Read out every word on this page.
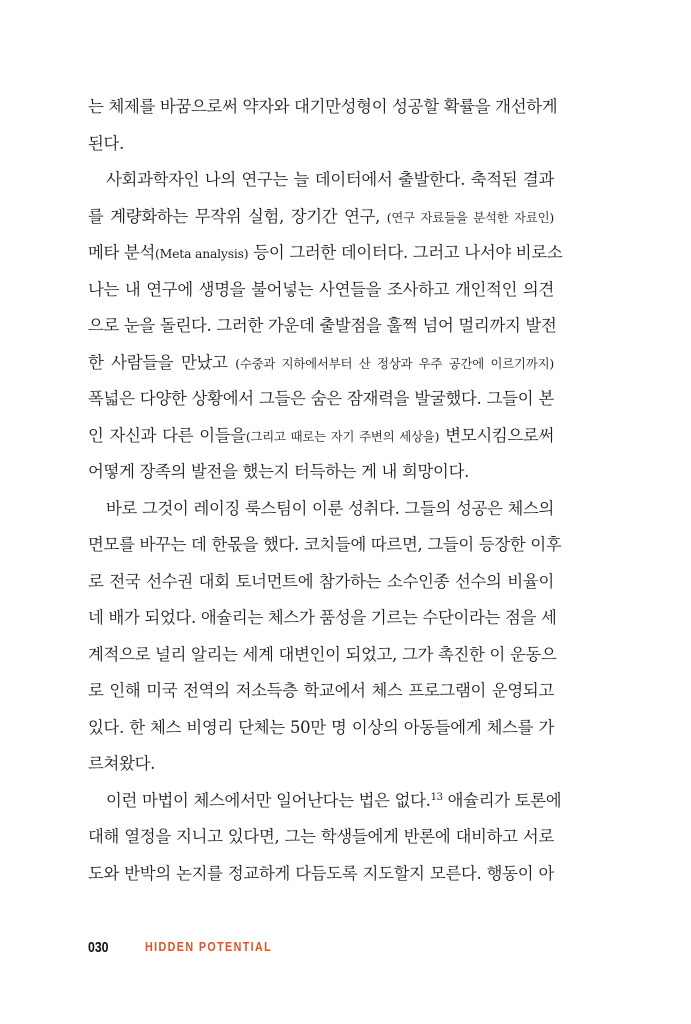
는 체제를 바꿈으로써 약자와 대기만성형이 성공할 확률을 개선하게
된다.
사회과학자인 나의 연구는 늘 데이터에서 출발한다. 축적된 결과
를 계량화하는 무작위 실험, 장기간 연구, (연구 자료들을 분석한 자료인)
메타 분석(Meta analysis) 등이 그러한 데이터다. 그러고 나서야 비로소
나는 내 연구에 생명을 불어넣는 사연들을 조사하고 개인적인 의견
으로 눈을 돌린다. 그러한 가운데 출발점을 훌쩍 넘어 멀리까지 발전
한 사람들을 만났고 (수중과 지하에서부터 산 정상과 우주 공간에 이르기까지)
폭넓은 다양한 상황에서 그들은 숨은 잠재력을 발굴했다. 그들이 본
인 자신과 다른 이들을(그리고 때로는 자기 주변의 세상을) 변모시킴으로써
어떻게 장족의 발전을 했는지 터득하는 게 내 희망이다.
바로 그것이 레이징 룩스팀이 이룬 성취다. 그들의 성공은 체스의
면모를 바꾸는 데 한몫을 했다. 코치들에 따르면, 그들이 등장한 이후
로 전국 선수권 대회 토너먼트에 참가하는 소수인종 선수의 비율이
네 배가 되었다. 애슐리는 체스가 품성을 기르는 수단이라는 점을 세
계적으로 널리 알리는 세계 대변인이 되었고, 그가 촉진한 이 운동으
로 인해 미국 전역의 저소득층 학교에서 체스 프로그램이 운영되고
있다. 한 체스 비영리 단체는 50만 명 이상의 아동들에게 체스를 가
르쳐왔다.
이런 마법이 체스에서만 일어난다는 법은 없다.$^{13}$ 애슐리가 토론에
대해 열정을 지니고 있다면, 그는 학생들에게 반론에 대비하고 서로
도와 반박의 논지를 정교하게 다듬도록 지도할지 모른다. 행동이 아
030	HIDDEN POTENTIAL
